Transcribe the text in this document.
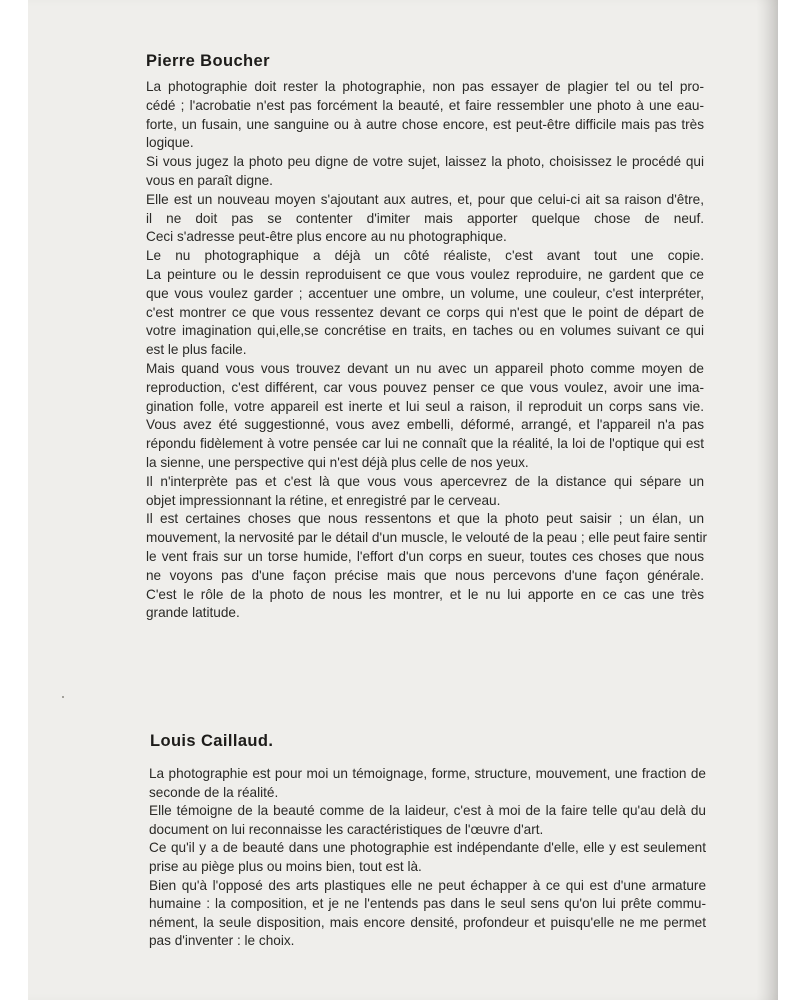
Pierre Boucher
La photographie doit rester la photographie, non pas essayer de plagier tel ou tel pro-
cédé ; l'acrobatie n'est pas forcément la beauté, et faire ressembler une photo à une eau-
forte, un fusain, une sanguine ou à autre chose encore, est peut-être difficile mais pas très
logique.
Si vous jugez la photo peu digne de votre sujet, laissez la photo, choisissez le procédé qui
vous en paraît digne.
Elle est un nouveau moyen s'ajoutant aux autres, et, pour que celui-ci ait sa raison d'être,
il ne doit pas se contenter d'imiter mais apporter quelque chose de neuf.
Ceci s'adresse peut-être plus encore au nu photographique.
Le nu photographique a déjà un côté réaliste, c'est avant tout une copie.
La peinture ou le dessin reproduisent ce que vous voulez reproduire, ne gardent que ce
que vous voulez garder ; accentuer une ombre, un volume, une couleur, c'est interpréter,
c'est montrer ce que vous ressentez devant ce corps qui n'est que le point de départ de
votre imagination qui,elle,se concrétise en traits, en taches ou en volumes suivant ce qui
est le plus facile.
Mais quand vous vous trouvez devant un nu avec un appareil photo comme moyen de
reproduction, c'est différent, car vous pouvez penser ce que vous voulez, avoir une ima-
gination folle, votre appareil est inerte et lui seul a raison, il reproduit un corps sans vie.
Vous avez été suggestionné, vous avez embelli, déformé, arrangé, et l'appareil n'a pas
répondu fidèlement à votre pensée car lui ne connaît que la réalité, la loi de l'optique qui est
la sienne, une perspective qui n'est déjà plus celle de nos yeux.
Il n'interprète pas et c'est là que vous vous apercevrez de la distance qui sépare un
objet impressionnant la rétine, et enregistré par le cerveau.
Il est certaines choses que nous ressentons et que la photo peut saisir ; un élan, un
mouvement, la nervosité par le détail d'un muscle, le velouté de la peau ; elle peut faire sentir
le vent frais sur un torse humide, l'effort d'un corps en sueur, toutes ces choses que nous
ne voyons pas d'une façon précise mais que nous percevons d'une façon générale.
C'est le rôle de la photo de nous les montrer, et le nu lui apporte en ce cas une très
grande latitude.
Louis Caillaud.
La photographie est pour moi un témoignage, forme, structure, mouvement, une fraction de
seconde de la réalité.
Elle témoigne de la beauté comme de la laideur, c'est à moi de la faire telle qu'au delà du
document on lui reconnaisse les caractéristiques de l'œuvre d'art.
Ce qu'il y a de beauté dans une photographie est indépendante d'elle, elle y est seulement
prise au piège plus ou moins bien, tout est là.
Bien qu'à l'opposé des arts plastiques elle ne peut échapper à ce qui est d'une armature
humaine : la composition, et je ne l'entends pas dans le seul sens qu'on lui prête commu-
nément, la seule disposition, mais encore densité, profondeur et puisqu'elle ne me permet
pas d'inventer : le choix.
